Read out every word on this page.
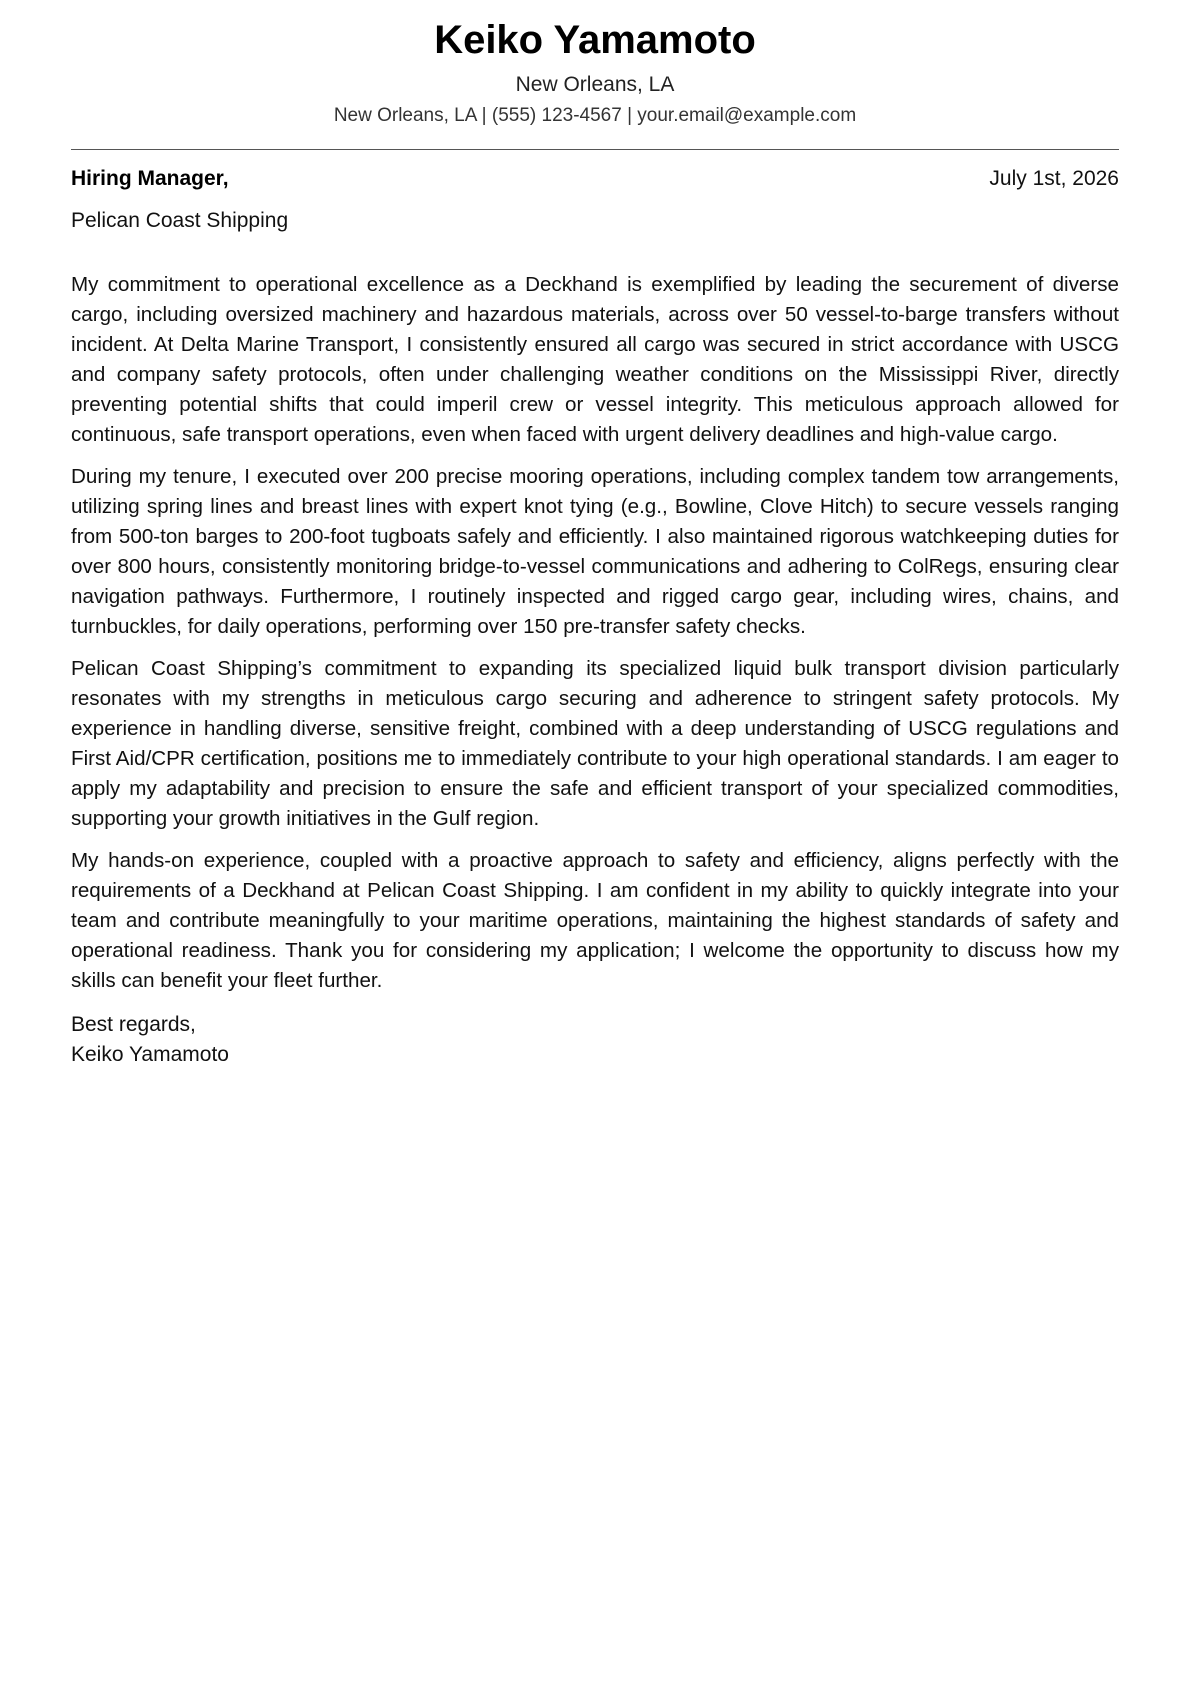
Keiko Yamamoto
New Orleans, LA
New Orleans, LA | (555) 123-4567 | your.email@example.com
Hiring Manager,	July 1st, 2026
Pelican Coast Shipping

My commitment to operational excellence as a Deckhand is exemplified by leading the securement of diverse cargo, including oversized machinery and hazardous materials, across over 50 vessel-to-barge transfers without incident. At Delta Marine Transport, I consistently ensured all cargo was secured in strict accordance with USCG and company safety protocols, often under challenging weather conditions on the Mississippi River, directly preventing potential shifts that could imperil crew or vessel integrity. This meticulous approach allowed for continuous, safe transport operations, even when faced with urgent delivery deadlines and high-value cargo.

During my tenure, I executed over 200 precise mooring operations, including complex tandem tow arrangements, utilizing spring lines and breast lines with expert knot tying (e.g., Bowline, Clove Hitch) to secure vessels ranging from 500-ton barges to 200-foot tugboats safely and efficiently. I also maintained rigorous watchkeeping duties for over 800 hours, consistently monitoring bridge-to-vessel communications and adhering to ColRegs, ensuring clear navigation pathways. Furthermore, I routinely inspected and rigged cargo gear, including wires, chains, and turnbuckles, for daily operations, performing over 150 pre-transfer safety checks.

Pelican Coast Shipping’s commitment to expanding its specialized liquid bulk transport division particularly resonates with my strengths in meticulous cargo securing and adherence to stringent safety protocols. My experience in handling diverse, sensitive freight, combined with a deep understanding of USCG regulations and First Aid/CPR certification, positions me to immediately contribute to your high operational standards. I am eager to apply my adaptability and precision to ensure the safe and efficient transport of your specialized commodities, supporting your growth initiatives in the Gulf region.

My hands-on experience, coupled with a proactive approach to safety and efficiency, aligns perfectly with the requirements of a Deckhand at Pelican Coast Shipping. I am confident in my ability to quickly integrate into your team and contribute meaningfully to your maritime operations, maintaining the highest standards of safety and operational readiness. Thank you for considering my application; I welcome the opportunity to discuss how my skills can benefit your fleet further.

Best regards,
Keiko Yamamoto
